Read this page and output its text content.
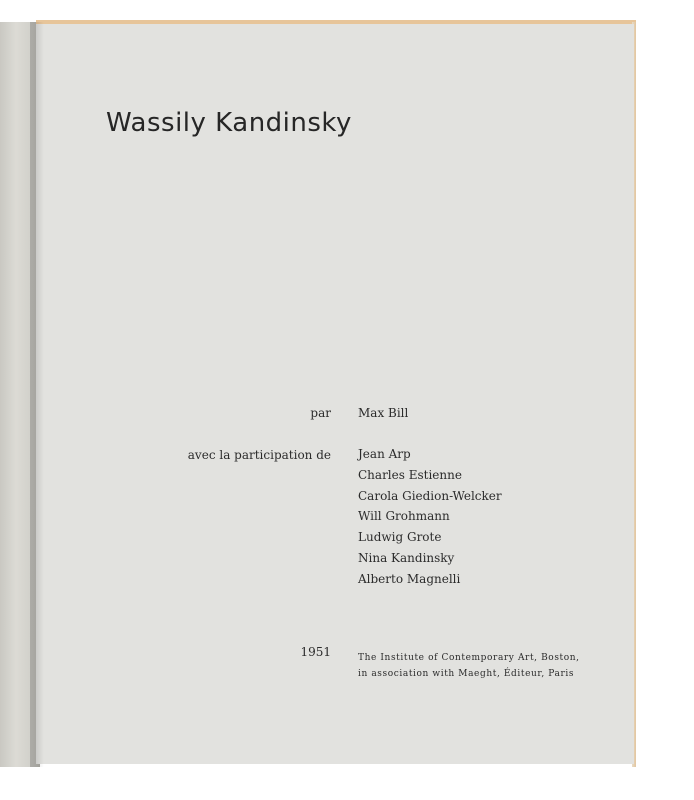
Wassily Kandinsky
par Max Bill
avec la participation de Jean Arp
Charles Estienne
Carola Giedion-Welcker
Will Grohmann
Ludwig Grote
Nina Kandinsky
Alberto Magnelli
1951	The Institute of Contemporary Art, Boston,
in association with Maeght, Éditeur, Paris
